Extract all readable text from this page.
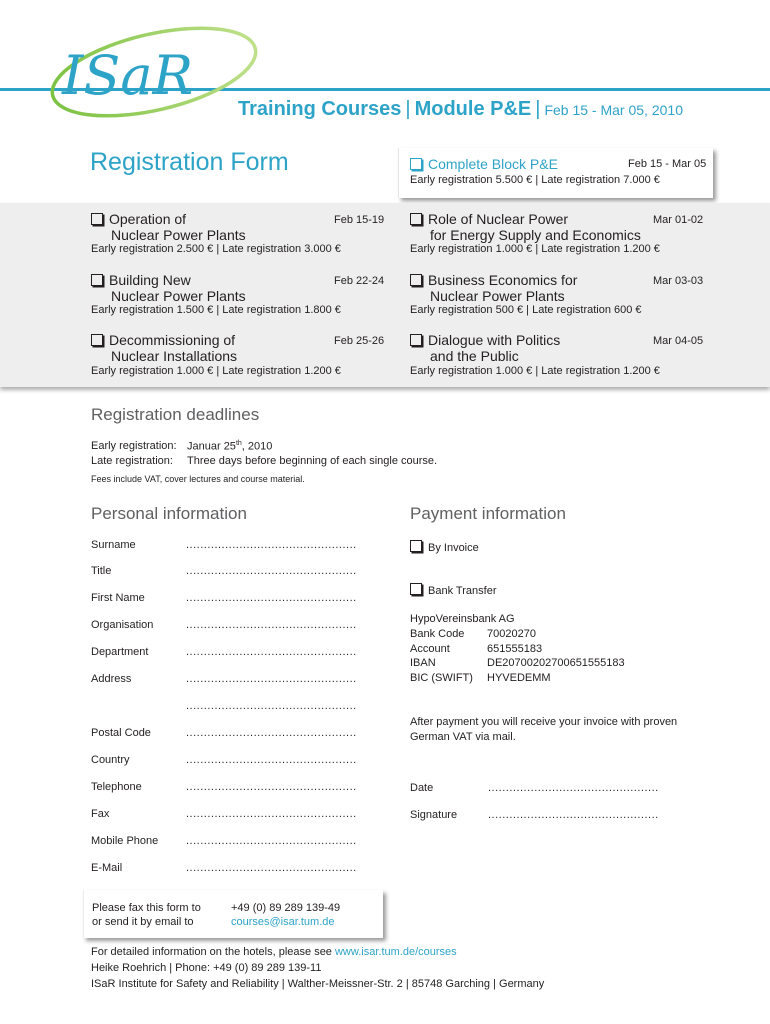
ISaR
Training Courses | Module P&E | Feb 15 - Mar 05, 2010
Registration Form	Complete Block P&E	Feb 15 - Mar 05
Early registration 5.500 € | Late registration 7.000 €
Operation of
Nuclear Power Plants
Feb 15-19
Early registration 2.500 € | Late registration 3.000 €
Role of Nuclear Power
for Energy Supply and Economics
Mar 01-02
Early registration 1.000 € | Late registration 1.200 €
Building New
Nuclear Power Plants
Feb 22-24
Early registration 1.500 € | Late registration 1.800 €
Business Economics for
Nuclear Power Plants
Mar 03-03
Early registration 500 € | Late registration 600 €
Decommissioning of
Nuclear Installations
Feb 25-26
Early registration 1.000 € | Late registration 1.200 €
Dialogue with Politics
and the Public
Mar 04-05
Early registration 1.000 € | Late registration 1.200 €
Registration deadlines
Early registration: Januar 25th, 2010
Late registration: Three days before beginning of each single course.
Fees include VAT, cover lectures and course material.
Personal information
Surname	................................................
Title	................................................
First Name	................................................
Organisation	................................................
Department	................................................
Address	................................................
................................................
Postal Code	................................................
Country	................................................
Telephone	................................................
Fax	................................................
Mobile Phone	................................................
E-Mail	................................................
Payment information
By Invoice
Bank Transfer
HypoVereinsbank AG
Bank Code 70020270
Account	651555183
IBAN	DE20700202700651555183
BIC (SWIFT) HYVEDEMM
After payment you will receive your invoice with proven
German VAT via mail.
Date	................................................
Signature	................................................
Please fax this form to
or send it by email to
+49 (0) 89 289 139-49
courses@isar.tum.de
For detailed information on the hotels, please see www.isar.tum.de/courses
Heike Roehrich | Phone: +49 (0) 89 289 139-11
ISaR Institute for Safety and Reliability | Walther-Meissner-Str. 2 | 85748 Garching | Germany
